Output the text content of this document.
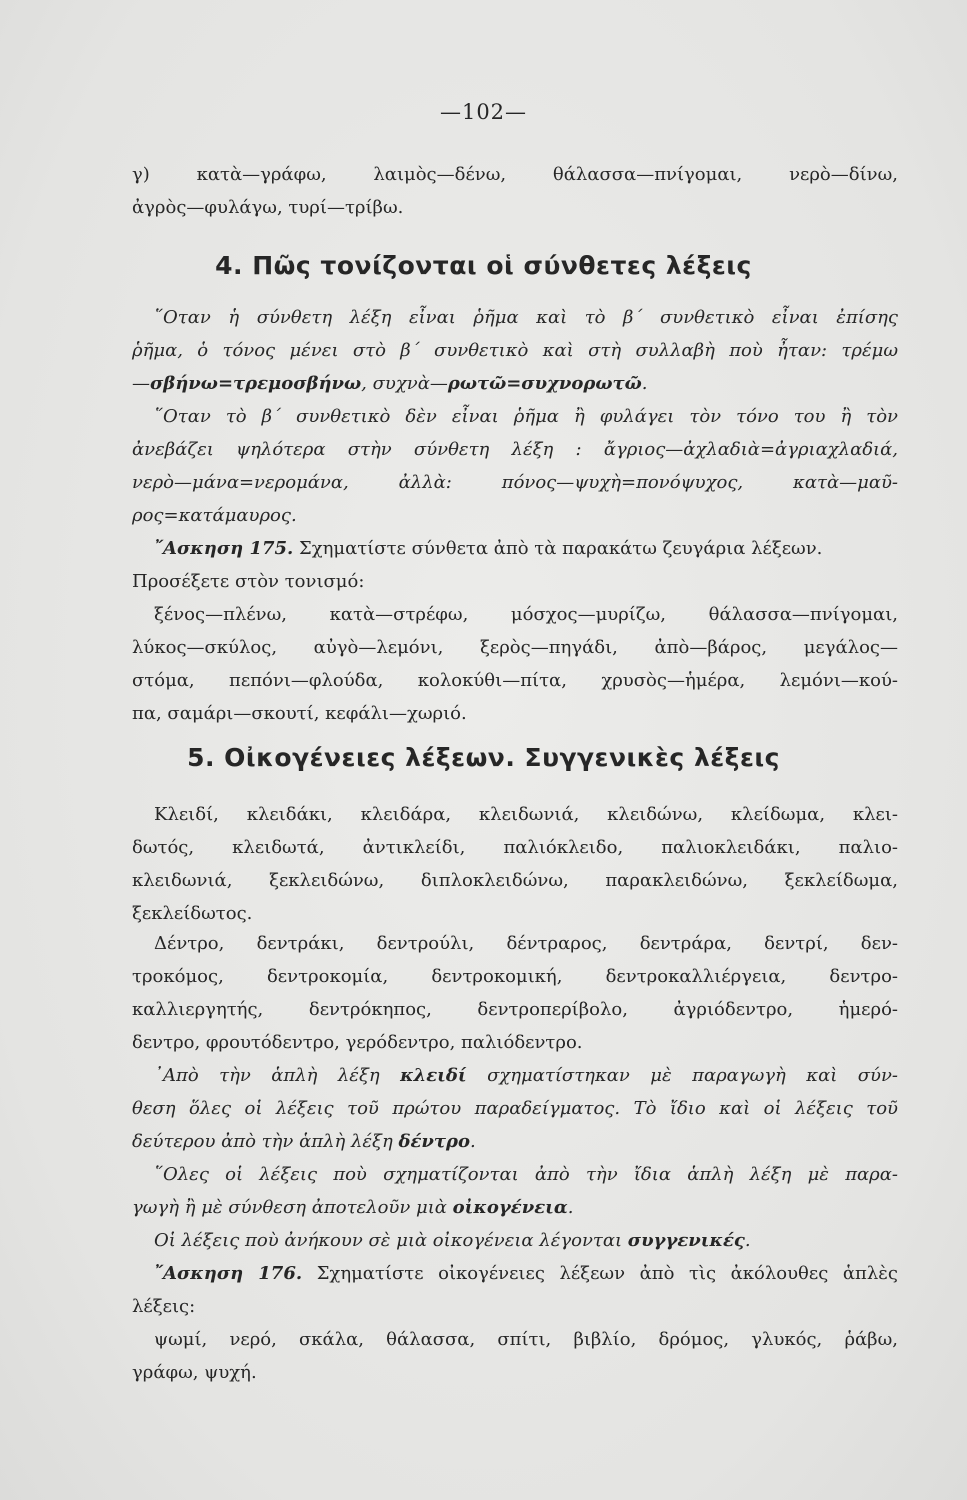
—102—
γ) κατὰ—γράφω, λαιμὸς—δένω, θάλασσα—πνίγομαι, νερὸ—δίνω,
ἀγρὸς—φυλάγω, τυρί—τρίβω.
4. Πῶς τονίζονται οἱ σύνθετες λέξεις
῞Οταν ἡ σύνθετη λέξη εἶναι ῥῆμα καὶ τὸ β΄ συνθετικὸ εἶναι ἐπίσης
ῥῆμα, ὁ τόνος μένει στὸ β΄ συνθετικὸ καὶ στὴ συλλαβὴ ποὺ ἦταν: τρέμω
—σβήνω=τρεμοσβήνω, συχνὰ—ρωτῶ=συχνορωτῶ.
῞Οταν τὸ β΄ συνθετικὸ δὲν εἶναι ῥῆμα ἢ φυλάγει τὸν τόνο του ἢ τὸν
ἀνεβάζει ψηλότερα στὴν σύνθετη λέξη : ἄγριος—ἀχλαδιὰ=ἀγριαχλαδιά,
νερὸ—μάνα=νερομάνα, ἀλλὰ: πόνος—ψυχὴ=πονόψυχος, κατὰ—μαῦ-
ρος=κατάμαυρος.
῎Ασκηση 175. Σχηματίστε σύνθετα ἀπὸ τὰ παρακάτω ζευγάρια λέξεων.
Προσέξετε στὸν τονισμό:
ξένος—πλένω, κατὰ—στρέφω, μόσχος—μυρίζω, θάλασσα—πνίγομαι,
λύκος—σκύλος, αὐγὸ—λεμόνι, ξερὸς—πηγάδι, ἀπὸ—βάρος, μεγάλος—
στόμα, πεπόνι—φλούδα, κολοκύθι—πίτα, χρυσὸς—ἡμέρα, λεμόνι—κού-
πα, σαμάρι—σκουτί, κεφάλι—χωριό.
5. Οἰκογένειες λέξεων. Συγγενικὲς λέξεις
Κλειδί, κλειδάκι, κλειδάρα, κλειδωνιά, κλειδώνω, κλείδωμα, κλει-
δωτός, κλειδωτά, ἀντικλείδι, παλιόκλειδο, παλιοκλειδάκι, παλιο-
κλειδωνιά, ξεκλειδώνω, διπλοκλειδώνω, παρακλειδώνω, ξεκλείδωμα,
ξεκλείδωτος.
Δέντρο, δεντράκι, δεντρούλι, δέντραρος, δεντράρα, δεντρί, δεν-
τροκόμος, δεντροκομία, δεντροκομική, δεντροκαλλιέργεια, δεντρο-
καλλιεργητής, δεντρόκηπος, δεντροπερίβολο, ἀγριόδεντρο, ἡμερό-
δεντρο, φρουτόδεντρο, γερόδεντρο, παλιόδεντρο.
᾿Απὸ τὴν ἁπλὴ λέξη κλειδί σχηματίστηκαν μὲ παραγωγὴ καὶ σύν-
θεση ὅλες οἱ λέξεις τοῦ πρώτου παραδείγματος. Τὸ ἴδιο καὶ οἱ λέξεις τοῦ
δεύτερου ἀπὸ τὴν ἁπλὴ λέξη δέντρο.
῞Ολες οἱ λέξεις ποὺ σχηματίζονται ἀπὸ τὴν ἴδια ἁπλὴ λέξη μὲ παρα-
γωγὴ ἢ μὲ σύνθεση ἀποτελοῦν μιὰ οἰκογένεια.
Οἱ λέξεις ποὺ ἀνήκουν σὲ μιὰ οἰκογένεια λέγονται συγγενικές.
῎Ασκηση 176. Σχηματίστε οἰκογένειες λέξεων ἀπὸ τὶς ἀκόλουθες ἁπλὲς
λέξεις:
ψωμί, νερό, σκάλα, θάλασσα, σπίτι, βιβλίο, δρόμος, γλυκός, ῥάβω,
γράφω, ψυχή.
